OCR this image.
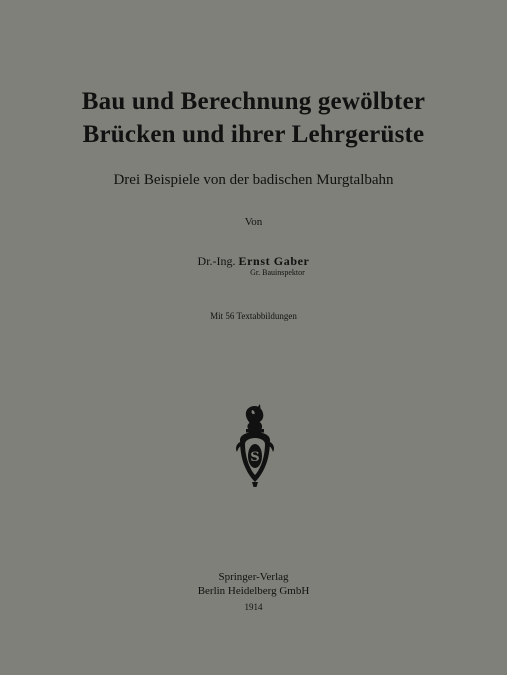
Bau und Berechnung gewölbter
Brücken und ihrer Lehrgerüste
Drei Beispiele von der badischen Murgtalbahn
Von
Dr.-Ing. Ernst Gaber
Gr. Bauinspektor
Mit 56 Textabbildungen
S
Springer-Verlag
Berlin Heidelberg GmbH
1914
